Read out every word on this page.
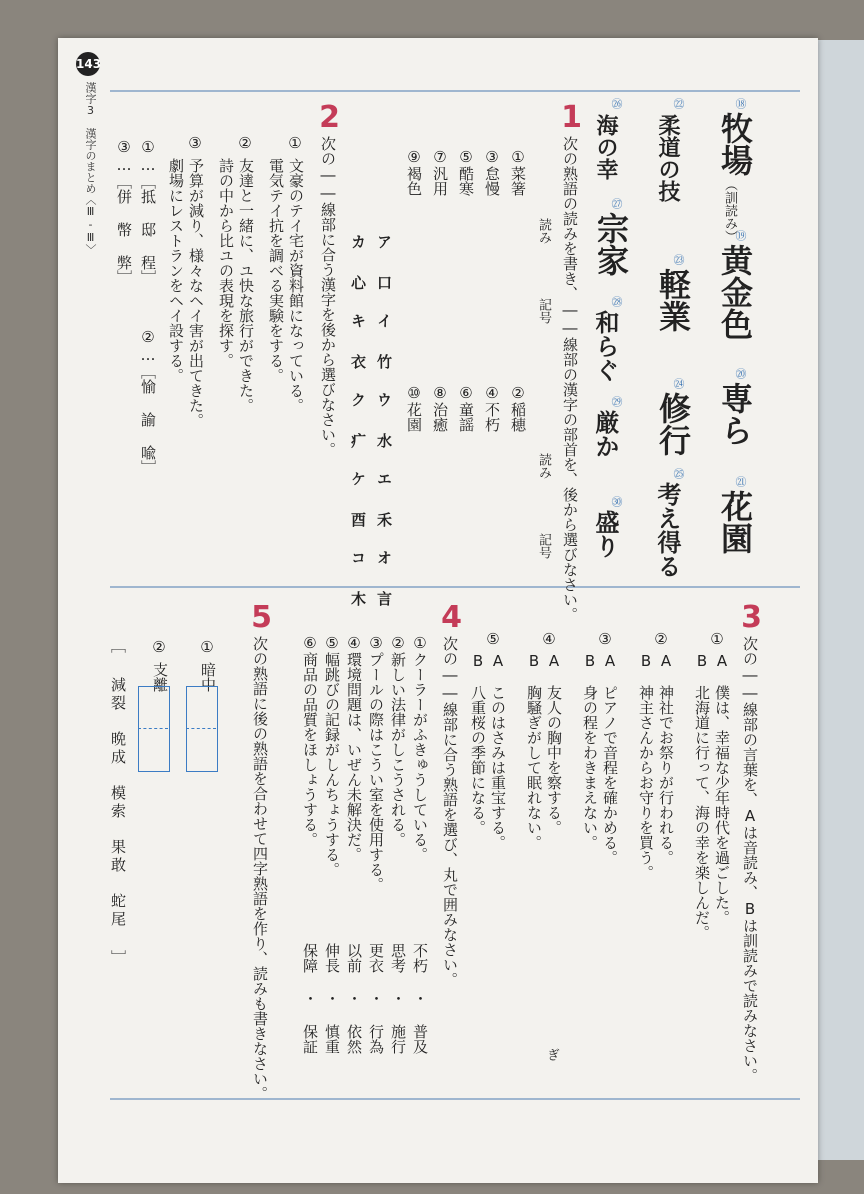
143
漢字3　漢字のまとめ〈Ⅲ-Ⅲ〉	1
次の熟語の読みを書き、――線部の漢字の部首を、後から選びなさい。
⑱
牧場
（訓読み）
⑲
黄金色
⑳
専ら
㉑
花園
㉒
柔道の技
㉓
軽業
㉔
修行
㉕
考え得る
㉖
海の幸
㉗
宗家
㉘
和らぐ
㉙
厳か
㉚
盛り
読み
記号
読み
記号
①菜箸
③怠慢
⑤酷寒
⑦汎用
⑨褐色
②稲穂
④不朽
⑥童謡
⑧治癒
⑩花園
ア 口　イ 竹　ウ 水　エ 禾　オ 言
カ 心　キ 衣　ク 疒　ケ 酉　コ 木
2
次の――線部に合う漢字を後から選びなさい。
①
文豪のテイ宅が資料館になっている。
電気テイ抗を調べる実験をする。
②
友達と一緒に、ユ快な旅行ができた。
詩の中から比ユの表現を探す。
③
予算が減り、様々なヘイ害が出てきた。
劇場にレストランをヘイ設する。
①…［抵 邸 程］
②…［愉 諭 喩］
③…［併 幣 弊］
3
次の――線部の言葉を、Aは音読み、Bは訓読みで読みなさい。
①
A　僕は、幸福な少年時代を過ごした。
B　北海道に行って、海の幸を楽しんだ。
②
A　神社でお祭りが行われる。
B　神主さんからお守りを買う。
③
A　ピアノで音程を確かめる。
B　身の程をわきまえない。
④
A　友人の胸中を察する。
B　胸騒ぎがして眠れない。
⑤
A　このはさみは重宝する。
B　八重桜の季節になる。
ぎ
4
次の――線部に合う熟語を選び、丸で囲みなさい。
①クーラーがふきゅうしている。
不朽 ・ 普及
②新しい法律がしこうされる。
思考 ・ 施行
③プールの際はこうい室を使用する。
更衣 ・ 行為
④環境問題は、いぜん未解決だ。
以前 ・ 依然
⑤幅跳びの記録がしんちょうする。
伸長 ・ 慎重
⑥商品の品質をほしょうする。
保障 ・ 保証
5
次の熟語に後の熟語を合わせて四字熟語を作り、読みも書きなさい。
①
暗中
②
支離
［ 減裂　晩成　模索　果敢　蛇尾 ］
